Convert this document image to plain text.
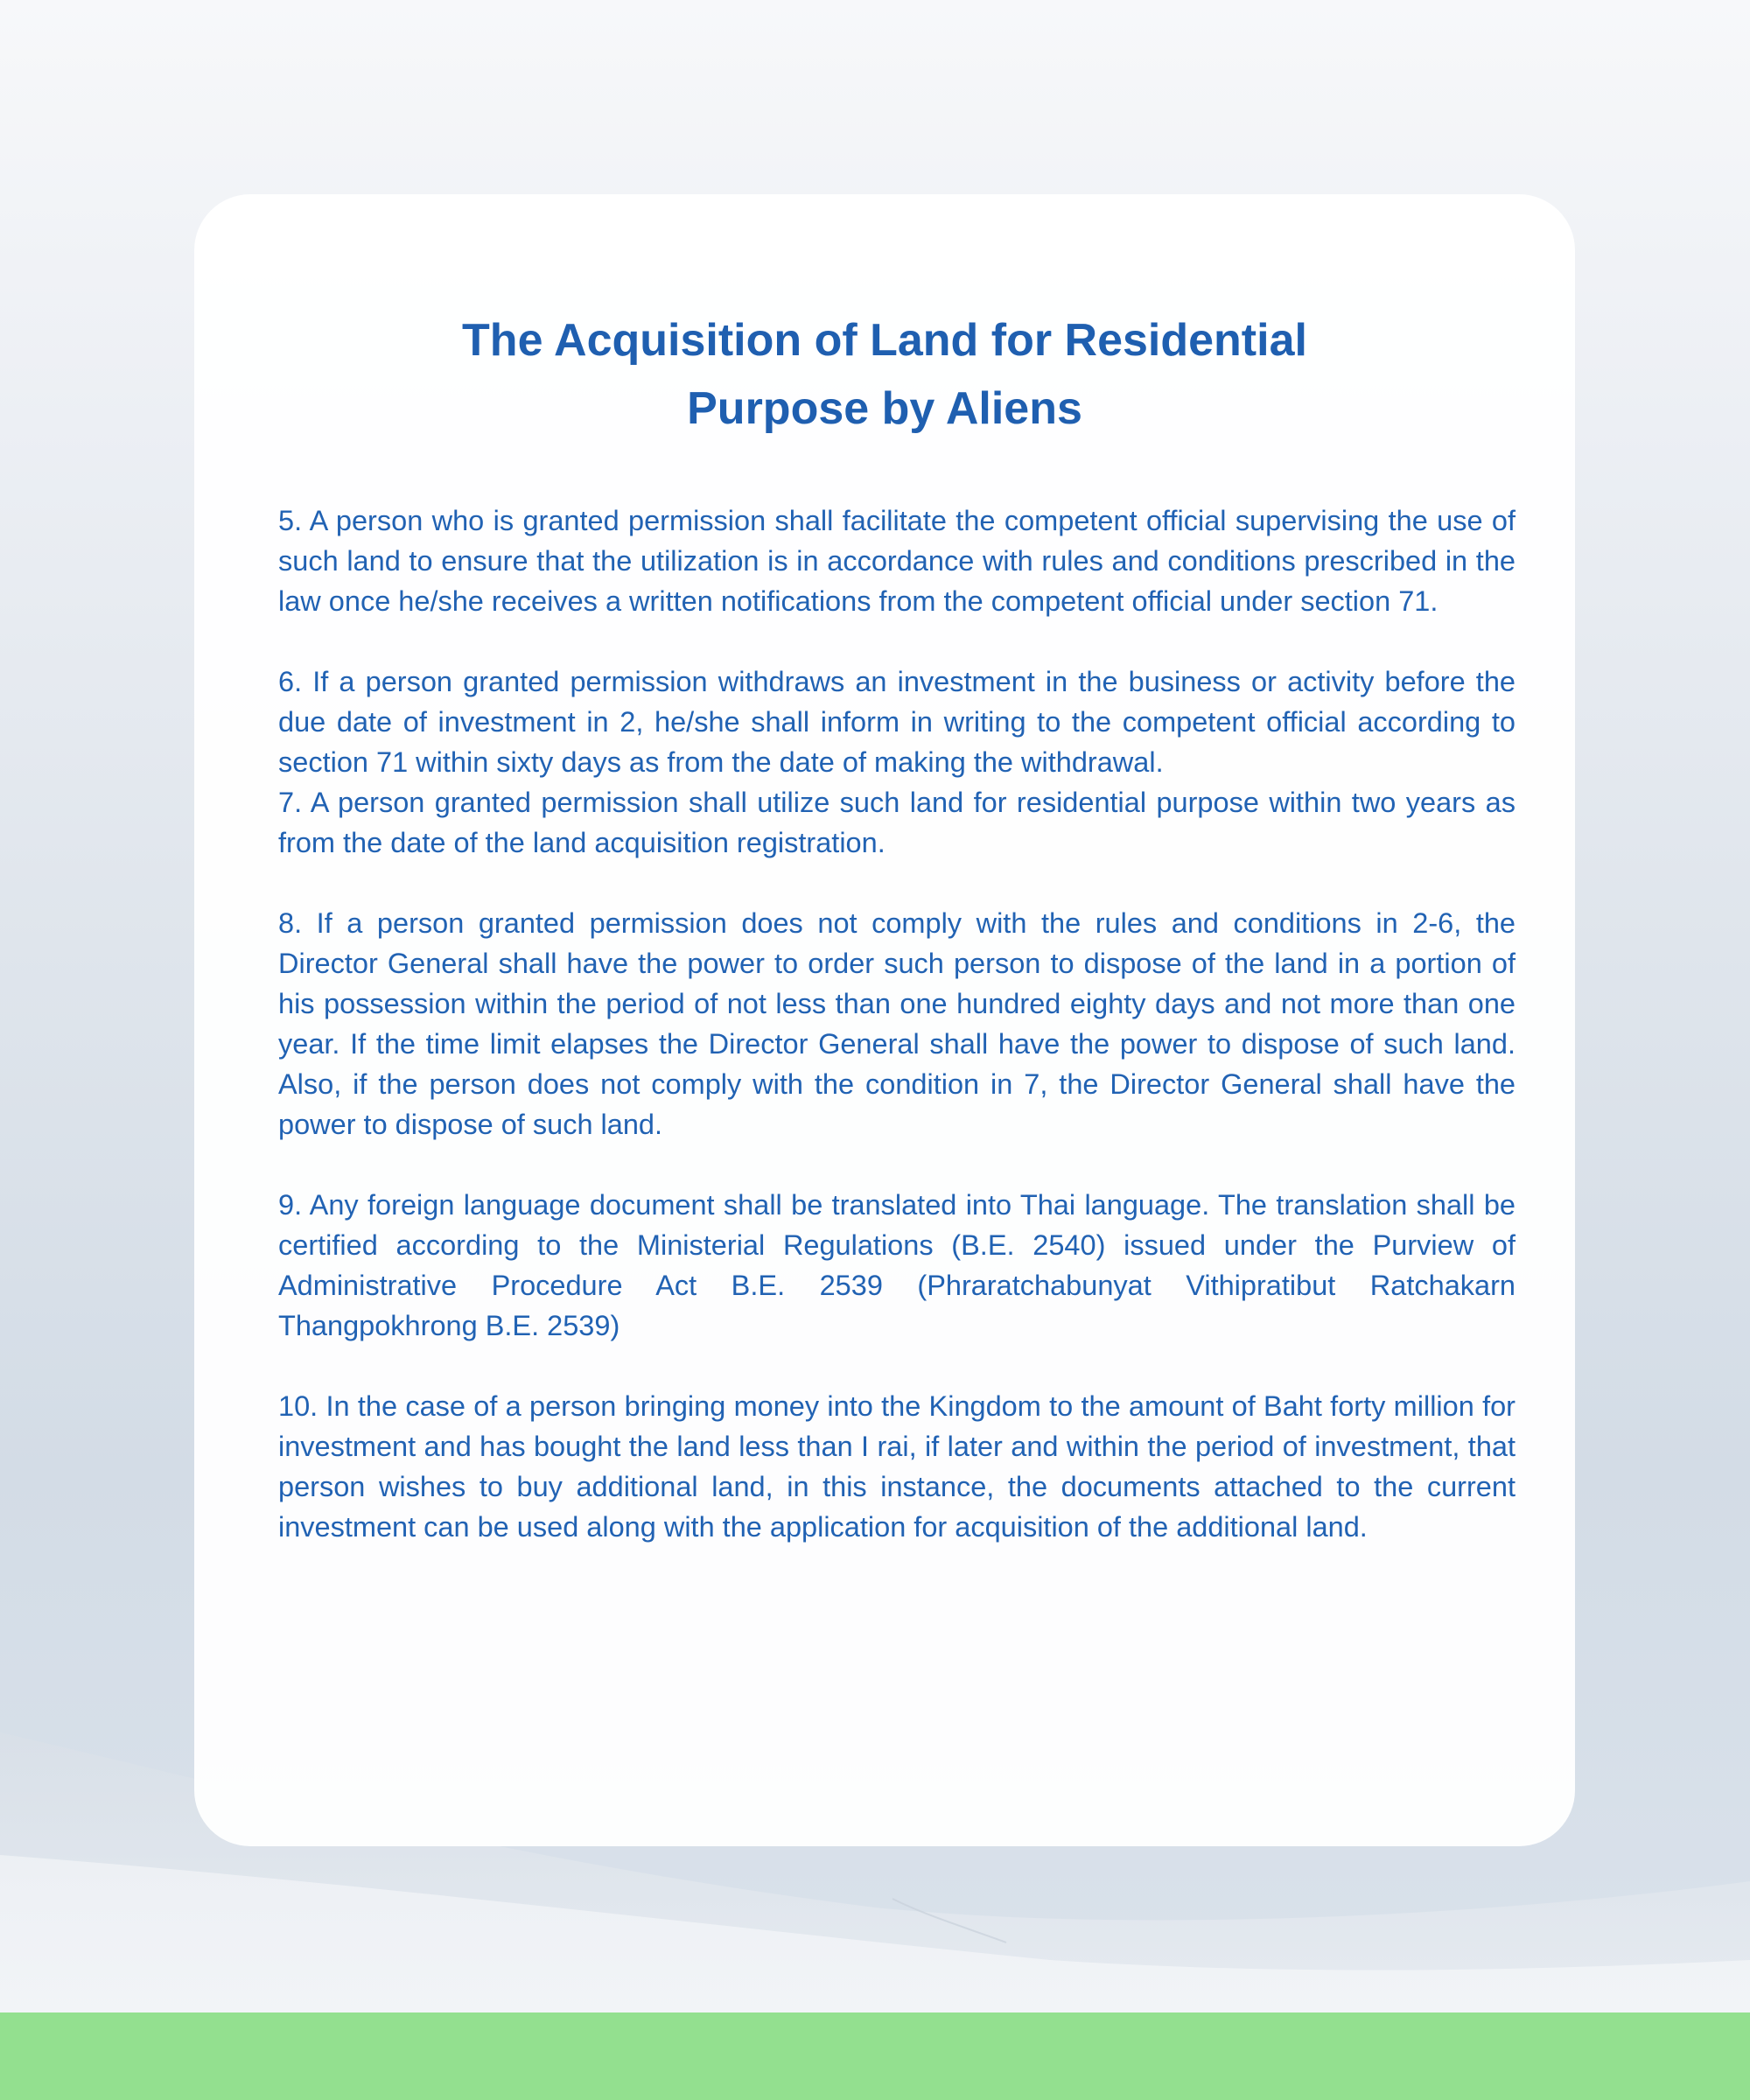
The Acquisition of Land for Residential
Purpose by Aliens

5. A person who is granted permission shall facilitate the competent official supervising the use of such land to ensure that the utilization is in accordance with rules and conditions prescribed in the law once he/she receives a written notifications from the competent official under section 71.

6. If a person granted permission withdraws an investment in the business or activity before the due date of investment in 2, he/she shall inform in writing to the competent official according to section 71 within sixty days as from the date of making the withdrawal.

7. A person granted permission shall utilize such land for residential purpose within two years as from the date of the land acquisition registration.

8. If a person granted permission does not comply with the rules and conditions in 2-6, the Director General shall have the power to order such person to dispose of the land in a portion of his possession within the period of not less than one hundred eighty days and not more than one year. If the time limit elapses the Director General shall have the power to dispose of such land. Also, if the person does not comply with the condition in 7, the Director General shall have the power to dispose of such land.

9. Any foreign language document shall be translated into Thai language. The translation shall be certified according to the Ministerial Regulations (B.E. 2540) issued under the Purview of Administrative Procedure Act B.E. 2539 (Phraratchabunyat Vithipratibut Ratchakarn Thangpokhrong B.E. 2539)

10. In the case of a person bringing money into the Kingdom to the amount of Baht forty million for investment and has bought the land less than I rai, if later and within the period of investment, that person wishes to buy additional land, in this instance, the documents attached to the current investment can be used along with the application for acquisition of the additional land.
